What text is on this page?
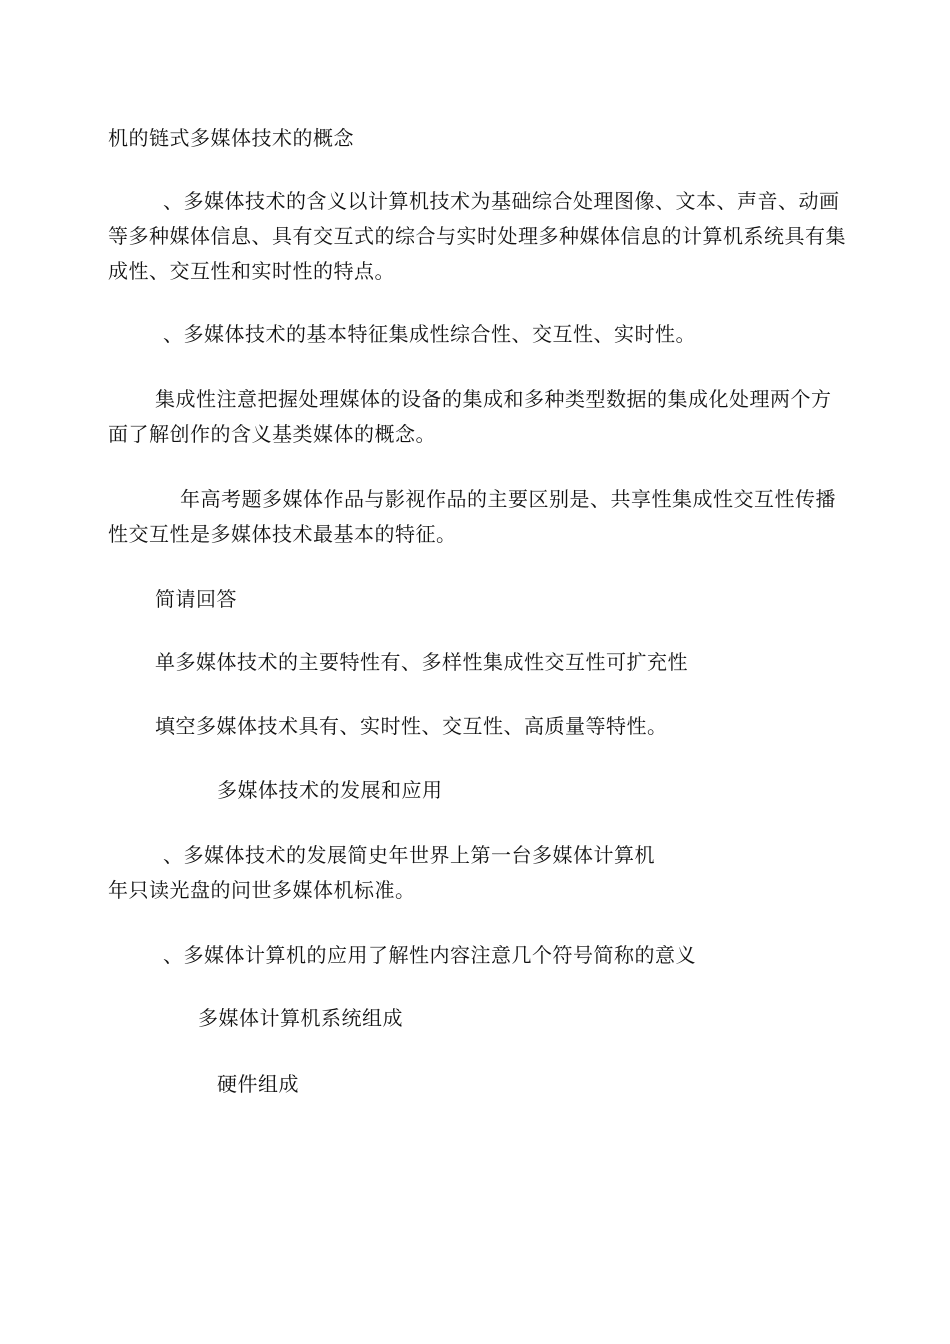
机的链式多媒体技术的概念
、多媒体技术的含义以计算机技术为基础综合处理图像、文本、声音、动画
等多种媒体信息、具有交互式的综合与实时处理多种媒体信息的计算机系统具有集
成性、交互性和实时性的特点。
、多媒体技术的基本特征集成性综合性、交互性、实时性。
集成性注意把握处理媒体的设备的集成和多种类型数据的集成化处理两个方
面了解创作的含义基类媒体的概念。
年高考题多媒体作品与影视作品的主要区别是、共享性集成性交互性传播
性交互性是多媒体技术最基本的特征。
简请回答
单多媒体技术的主要特性有、多样性集成性交互性可扩充性
填空多媒体技术具有、实时性、交互性、高质量等特性。
多媒体技术的发展和应用
、多媒体技术的发展简史年世界上第一台多媒体计算机
年只读光盘的问世多媒体机标准。
、多媒体计算机的应用了解性内容注意几个符号简称的意义
多媒体计算机系统组成
硬件组成
